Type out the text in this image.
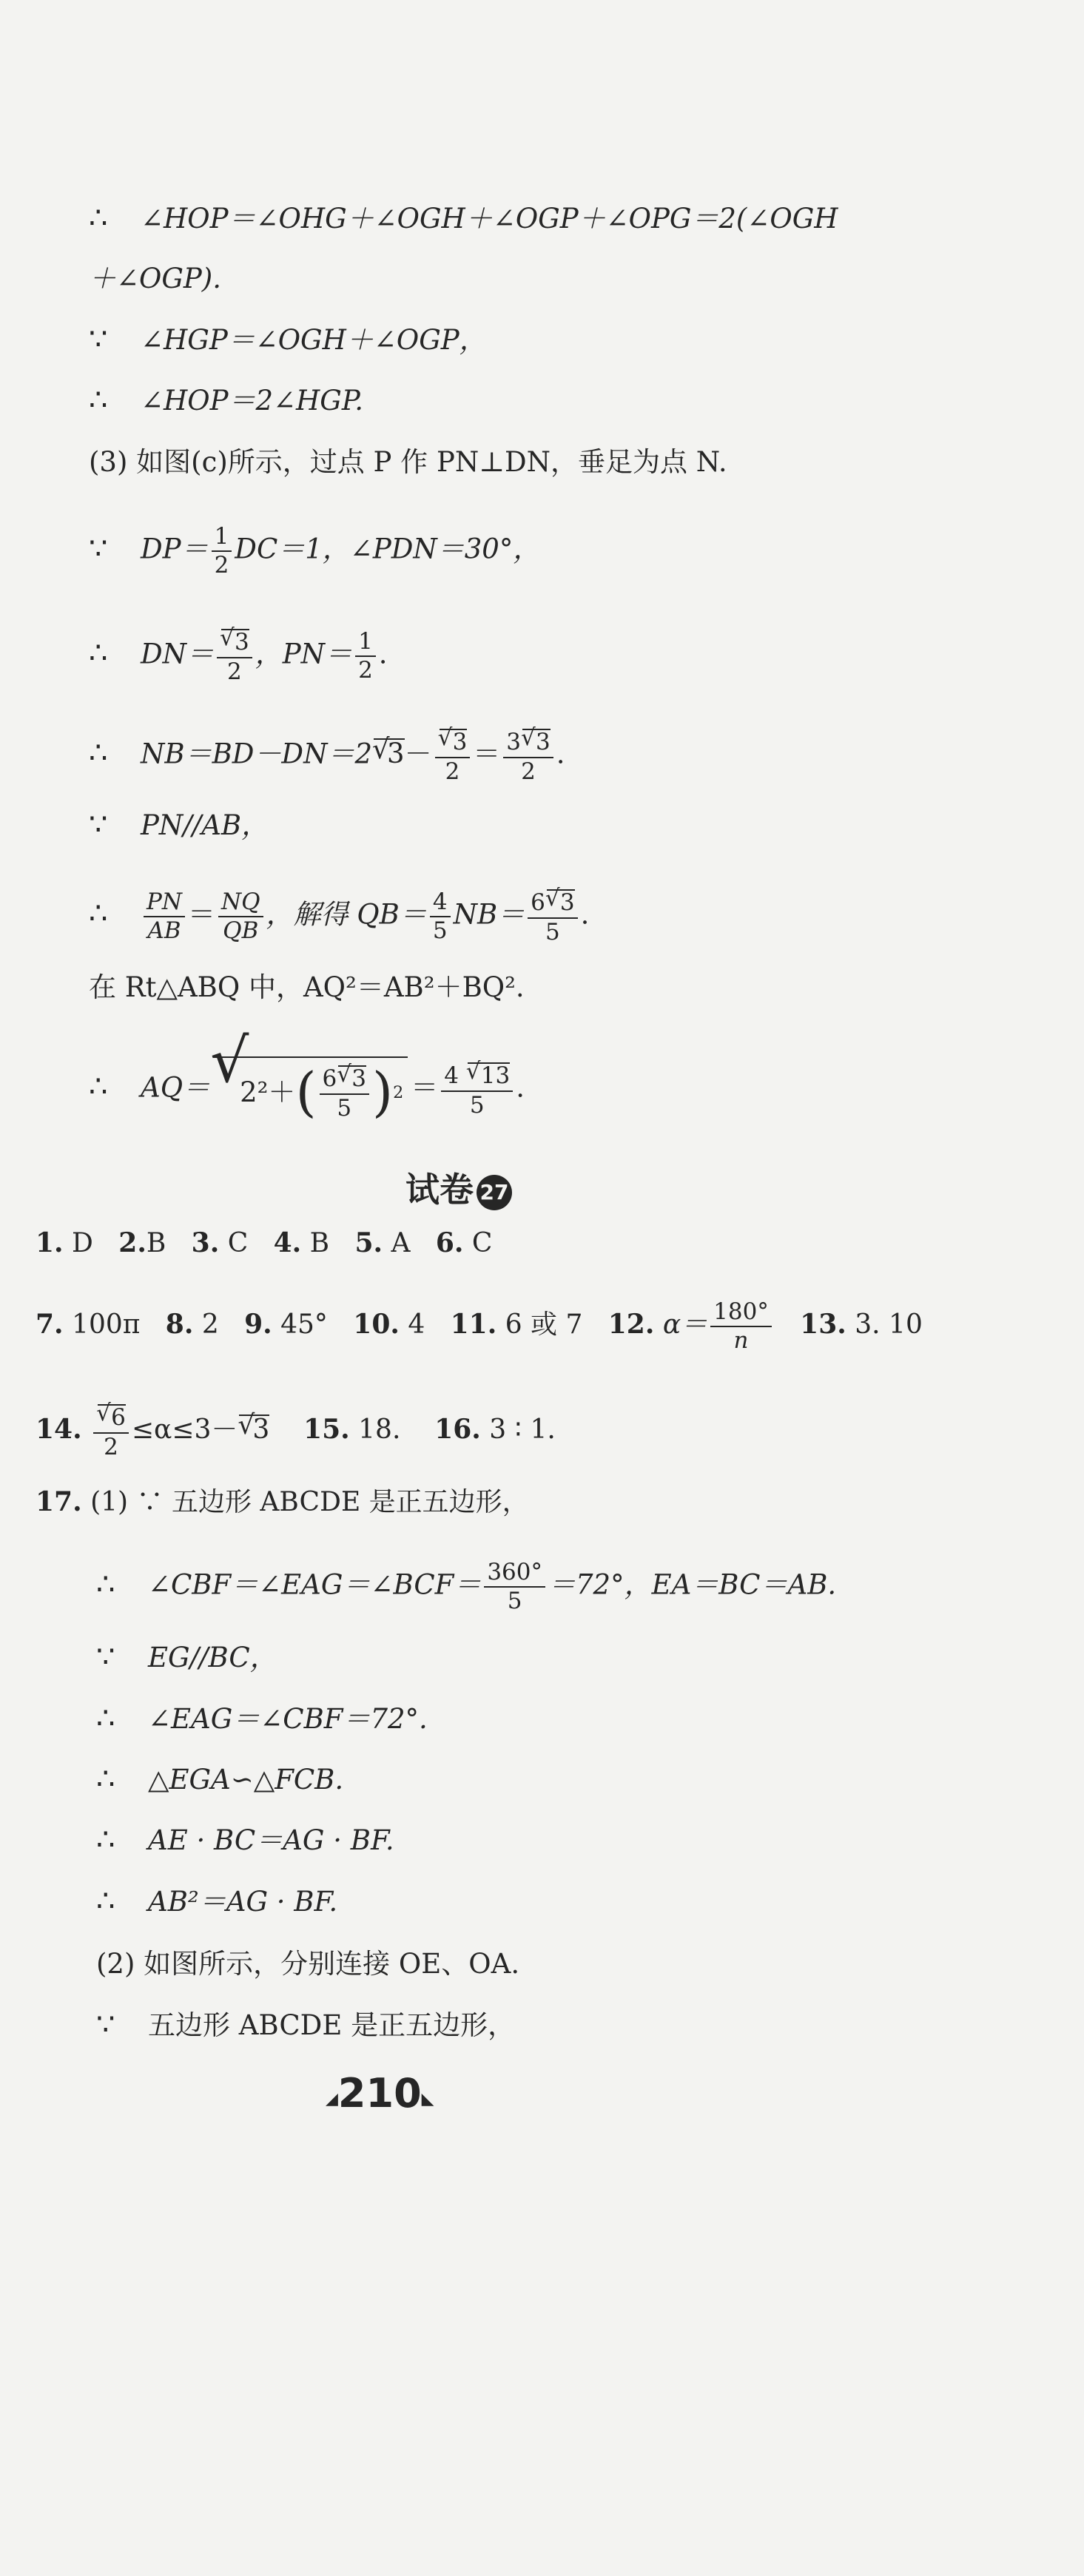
∴ ∠HOP＝∠OHG＋∠OGH＋∠OGP＋∠OPG＝2(∠OGH
＋∠OGP).
∵ ∠HGP＝∠OGH＋∠OGP，
∴ ∠HOP＝2∠HGP.
(3) 如图(c)所示，过点 P 作 PN⊥DN，垂足为点 N.
∵ $DP= \frac{1}{2} DC=1$，∠PDN＝30°，
∴ DN＝
√ $\frac{3}{2}$ ，$PN= \frac{1}{2}$ .
∴ NB＝BD－DN＝2√ 3－
√ $\frac{3}{2} = \frac{3√ 3}{2}$ .
∵ PN//AB，
∴ $\frac{PN}{AB} = \frac{NQ}{QB}$ ，解得 $QB= \frac{4}{5} NB= \frac{6√ 3}{5}$ .
在 Rt△ABQ 中，AQ²＝AB²＋BQ².
∴ AQ＝
√ 2²＋ ( $\frac{6√ 3}{5}$ ) $2 = \frac{4 √ 13}{5}$ .
试卷 27
1. D 2.B 3. C 4. B 5. A 6. C
7. 100π 8. 2 9. 45° 10. 4 11. 6 或 7 12. $\alpha= \frac{180^\circ}{n} 13$. 3. 10
14.
√ $\frac{6}{2} \le\alpha\le 3-√$ 3 15. 18. 16. 3 ∶ 1.
17. (1) ∵ 五边形 ABCDE 是正五边形，
∴ ∠CBF＝∠EAG＝∠BCF＝ $\frac{360^\circ}{5} =72^\circ$，EA＝BC＝AB.
∵ EG//BC，
∴ ∠EAG＝∠CBF＝72°.
∴ △EGA∽△FCB.
∴ AE · BC＝AG · BF.
∴ AB²＝AG · BF.
(2) 如图所示，分别连接 OE、OA.
∵ 五边形 ABCDE 是正五边形，
◢210◣
